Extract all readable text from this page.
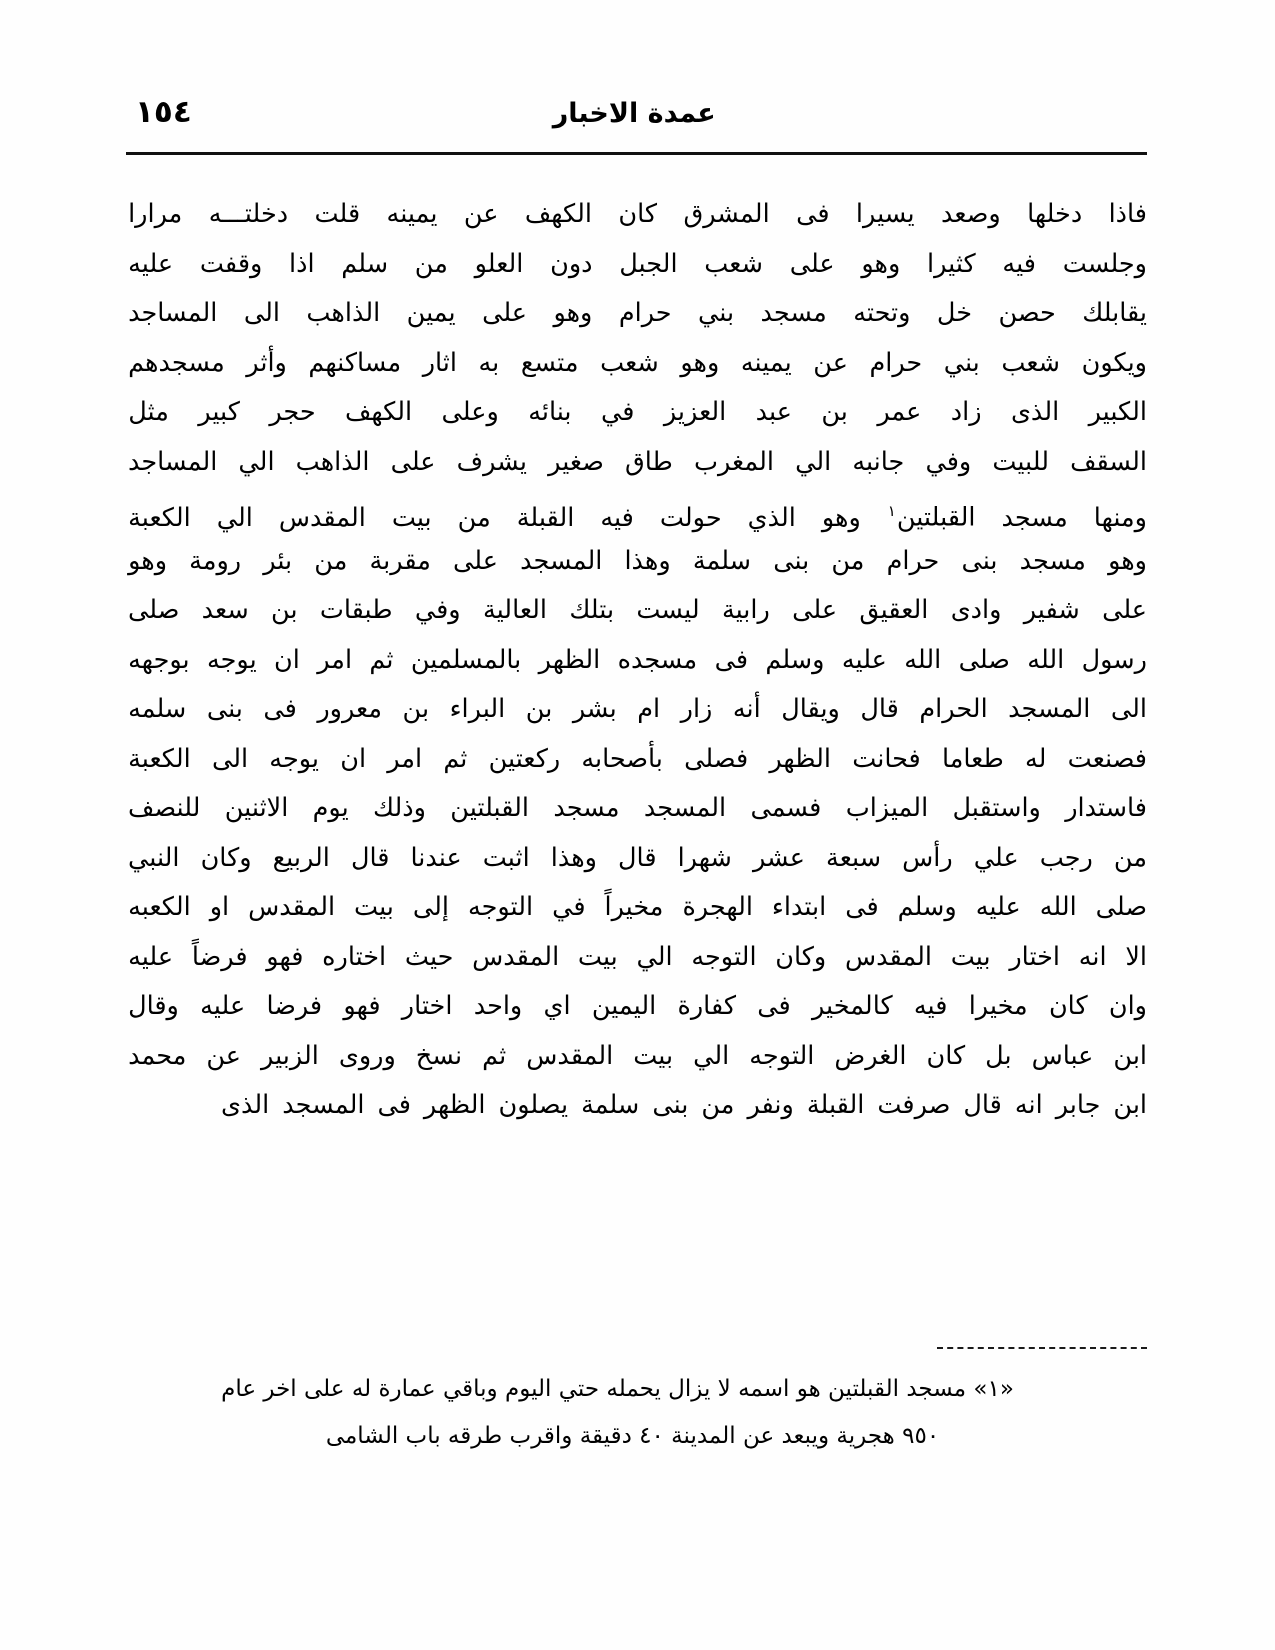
عمدة الاخبار
١٥٤
فاذا
دخلها
وصعد
يسيرا
فى
المشرق
كان
الكهف
عن
يمينه
قلت
دخلتـــه
مرارا
وجلست
فيه
كثيرا
وهو
على
شعب
الجبل
دون
العلو
من
سلم
اذا
وقفت
عليه
يقابلك
حصن
خل
وتحته
مسجد
بني
حرام
وهو
على
يمين
الذاهب
الى
المساجد
ويكون
شعب
بني
حرام
عن
يمينه
وهو
شعب
متسع
به
اثار
مساكنهم
وأثر
مسجدهم
الكبير
الذى
زاد
عمر
بن
عبد
العزيز
في
بنائه
وعلى
الكهف
حجر
كبير
مثل
السقف
للبيت
وفي
جانبه
الي
المغرب
طاق
صغير
يشرف
على
الذاهب
الي
المساجد
ومنها
مسجد
القبلتين$^١$
وهو
الذي
حولت
فيه
القبلة
من
بيت
المقدس
الي
الكعبة
وهو
مسجد
بنى
حرام
من
بنى
سلمة
وهذا
المسجد
على
مقربة
من
بئر
رومة
وهو
على
شفير
وادى
العقيق
على
رابية
ليست
بتلك
العالية
وفي
طبقات
بن
سعد
صلى
رسول
الله
صلى
الله
عليه
وسلم
فى
مسجده
الظهر
بالمسلمين
ثم
امر
ان
يوجه
بوجهه
الى
المسجد
الحرام
قال
ويقال
أنه
زار
ام
بشر
بن
البراء
بن
معرور
فى
بنى
سلمه
فصنعت
له
طعاما
فحانت
الظهر
فصلى
بأصحابه
ركعتين
ثم
امر
ان
يوجه
الى
الكعبة
فاستدار
واستقبل
الميزاب
فسمى
المسجد
مسجد
القبلتين
وذلك
يوم
الاثنين
للنصف
من
رجب
علي
رأس
سبعة
عشر
شهرا
قال
وهذا
اثبت
عندنا
قال
الربيع
وكان
النبي
صلى
الله
عليه
وسلم
فى
ابتداء
الهجرة
مخيراً
في
التوجه
إلى
بيت
المقدس
او
الكعبه
الا
انه
اختار
بيت
المقدس
وكان
التوجه
الي
بيت
المقدس
حيث
اختاره
فهو
فرضاً
عليه
وان
كان
مخيرا
فيه
كالمخير
فى
كفارة
اليمين
اي
واحد
اختار
فهو
فرضا
عليه
وقال
ابن
عباس
بل
كان
الغرض
التوجه
الي
بيت
المقدس
ثم
نسخ
وروى
الزبير
عن
محمد
ابن
جابر
انه
قال
صرفت
القبلة
ونفر
من
بنى
سلمة
يصلون
الظهر
فى
المسجد
الذى
«١» مسجد القبلتين هو اسمه لا يزال يحمله حتي اليوم وباقي عمارة له على اخر عام
٩٥٠ هجرية ويبعد عن المدينة ٤٠ دقيقة واقرب طرقه باب الشامى
